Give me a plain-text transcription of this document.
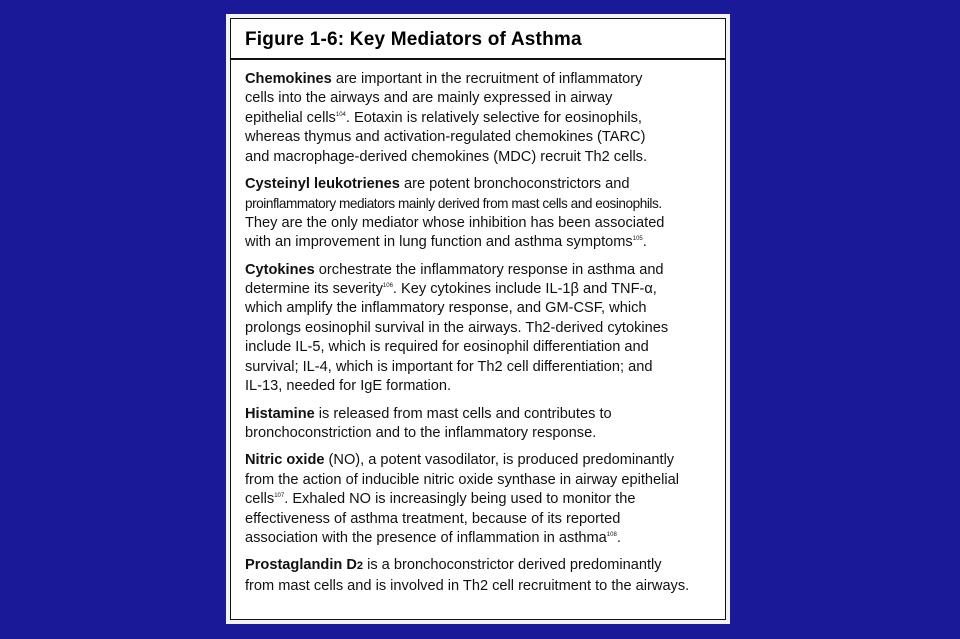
Figure 1-6: Key Mediators of Asthma

Chemokines are important in the recruitment of inflammatory
cells into the airways and are mainly expressed in airway
epithelial cells$^{104}$. Eotaxin is relatively selective for eosinophils,
whereas thymus and activation-regulated chemokines (TARC)
and macrophage-derived chemokines (MDC) recruit Th2 cells.

Cysteinyl leukotrienes are potent bronchoconstrictors and
proinflammatory mediators mainly derived from mast cells and eosinophils.
They are the only mediator whose inhibition has been associated
with an improvement in lung function and asthma symptoms$^{105}$.

Cytokines orchestrate the inflammatory response in asthma and
determine its severity$^{106}$. Key cytokines include IL-1β and TNF-α,
which amplify the inflammatory response, and GM-CSF, which
prolongs eosinophil survival in the airways. Th2-derived cytokines
include IL-5, which is required for eosinophil differentiation and
survival; IL-4, which is important for Th2 cell differentiation; and
IL-13, needed for IgE formation.

Histamine is released from mast cells and contributes to
bronchoconstriction and to the inflammatory response.

Nitric oxide (NO), a potent vasodilator, is produced predominantly
from the action of inducible nitric oxide synthase in airway epithelial
cells$^{107}$. Exhaled NO is increasingly being used to monitor the
effectiveness of asthma treatment, because of its reported
association with the presence of inflammation in asthma$^{108}$.

Prostaglandin D2 is a bronchoconstrictor derived predominantly
from mast cells and is involved in Th2 cell recruitment to the airways.
